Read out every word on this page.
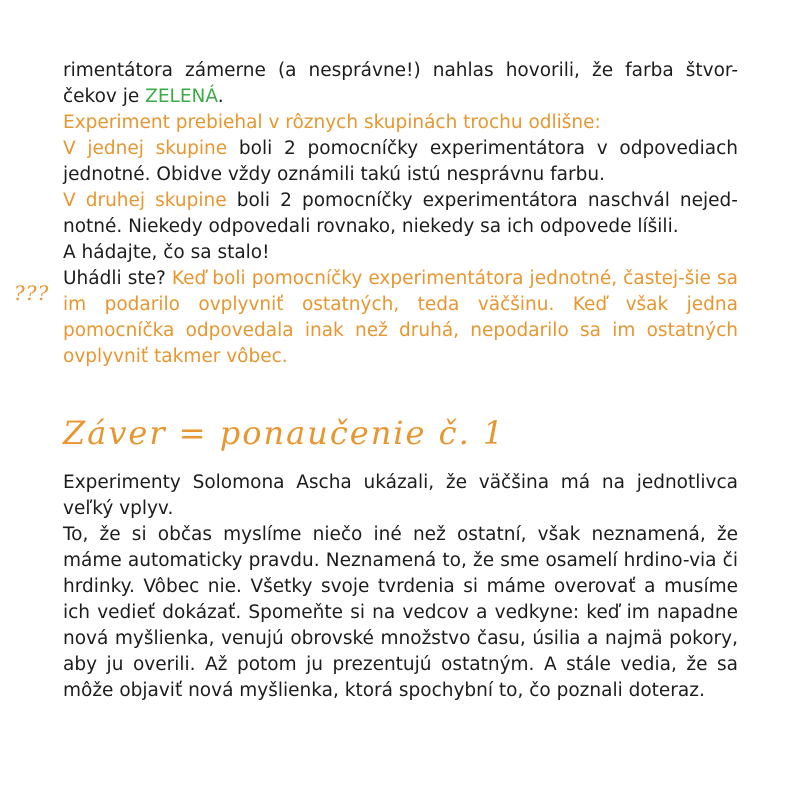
rimentátora zámerne (a nesprávne!) nahlas hovorili, že farba štvor-čekov je ZELENÁ.
Experiment prebiehal v rôznych skupinách trochu odlišne:
V jednej skupine boli 2 pomocníčky experimentátora v odpovediach jednotné. Obidve vždy oznámili takú istú nesprávnu farbu.
V druhej skupine boli 2 pomocníčky experimentátora naschvál nejed-notné. Niekedy odpovedali rovnako, niekedy sa ich odpovede líšili.
A hádajte, čo sa stalo!
Uhádli ste? Keď boli pomocníčky experimentátora jednotné, častej-šie sa im podarilo ovplyvniť ostatných, teda väčšinu. Keď však jedna pomocníčka odpovedala inak než druhá, nepodarilo sa im ostatných ovplyvniť takmer vôbec.
???
Záver = ponaučenie č. 1
Experimenty Solomona Ascha ukázali, že väčšina má na jednotlivca veľký vplyv.
To, že si občas myslíme niečo iné než ostatní, však neznamená, že máme automaticky pravdu. Neznamená to, že sme osamelí hrdino-via či hrdinky. Vôbec nie. Všetky svoje tvrdenia si máme overovať a musíme ich vedieť dokázať. Spomeňte si na vedcov a vedkyne: keď im napadne nová myšlienka, venujú obrovské množstvo času, úsilia a najmä pokory, aby ju overili. Až potom ju prezentujú ostatným. A stále vedia, že sa môže objaviť nová myšlienka, ktorá spochybní to, čo poznali doteraz.
